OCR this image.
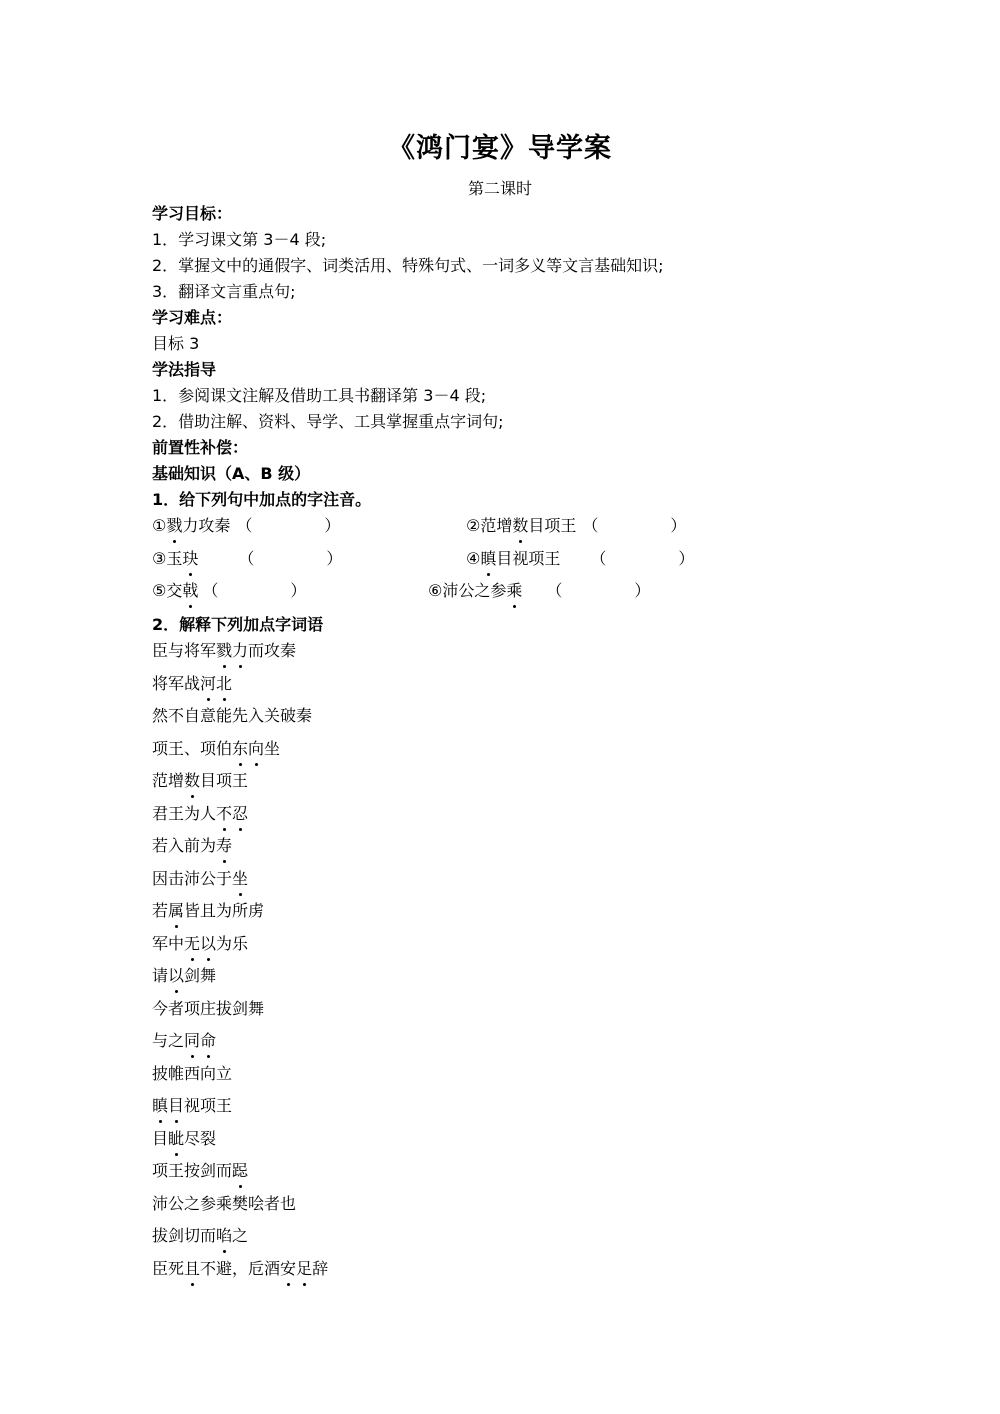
《鸿门宴》导学案
第二课时
学习目标：
1．学习课文第 3－4 段;
2．掌握文中的通假字、词类活用、特殊句式、一词多义等文言基础知识;
3．翻译文言重点句;
学习难点：
目标 3
学法指导
1．参阅课文注解及借助工具书翻译第 3－4 段;
2．借助注解、资料、导学、工具掌握重点字词句;
前置性补偿：
基础知识（A、B 级）
1．给下列句中加点的字注音。
①戮力攻秦 （	）	②范增数目项王 （	）
③玉玦	（	）	④瞋目视项王 （	）
⑤交戟 （	）	⑥沛公之参乘 （	）
2．解释下列加点字词语
臣与将军戮力而攻秦
将军战河北
然不自意能先入关破秦
项王、项伯东向坐
范增数目项王
君王为人不忍
若入前为寿
因击沛公于坐
若属皆且为所虏
军中无以为乐
请以剑舞
今者项庄拔剑舞
与之同命
披帷西向立
瞋目视项王
目眦尽裂
项王按剑而跽
沛公之参乘樊哙者也
拔剑切而啗之
臣死且不避，卮酒安足辞
